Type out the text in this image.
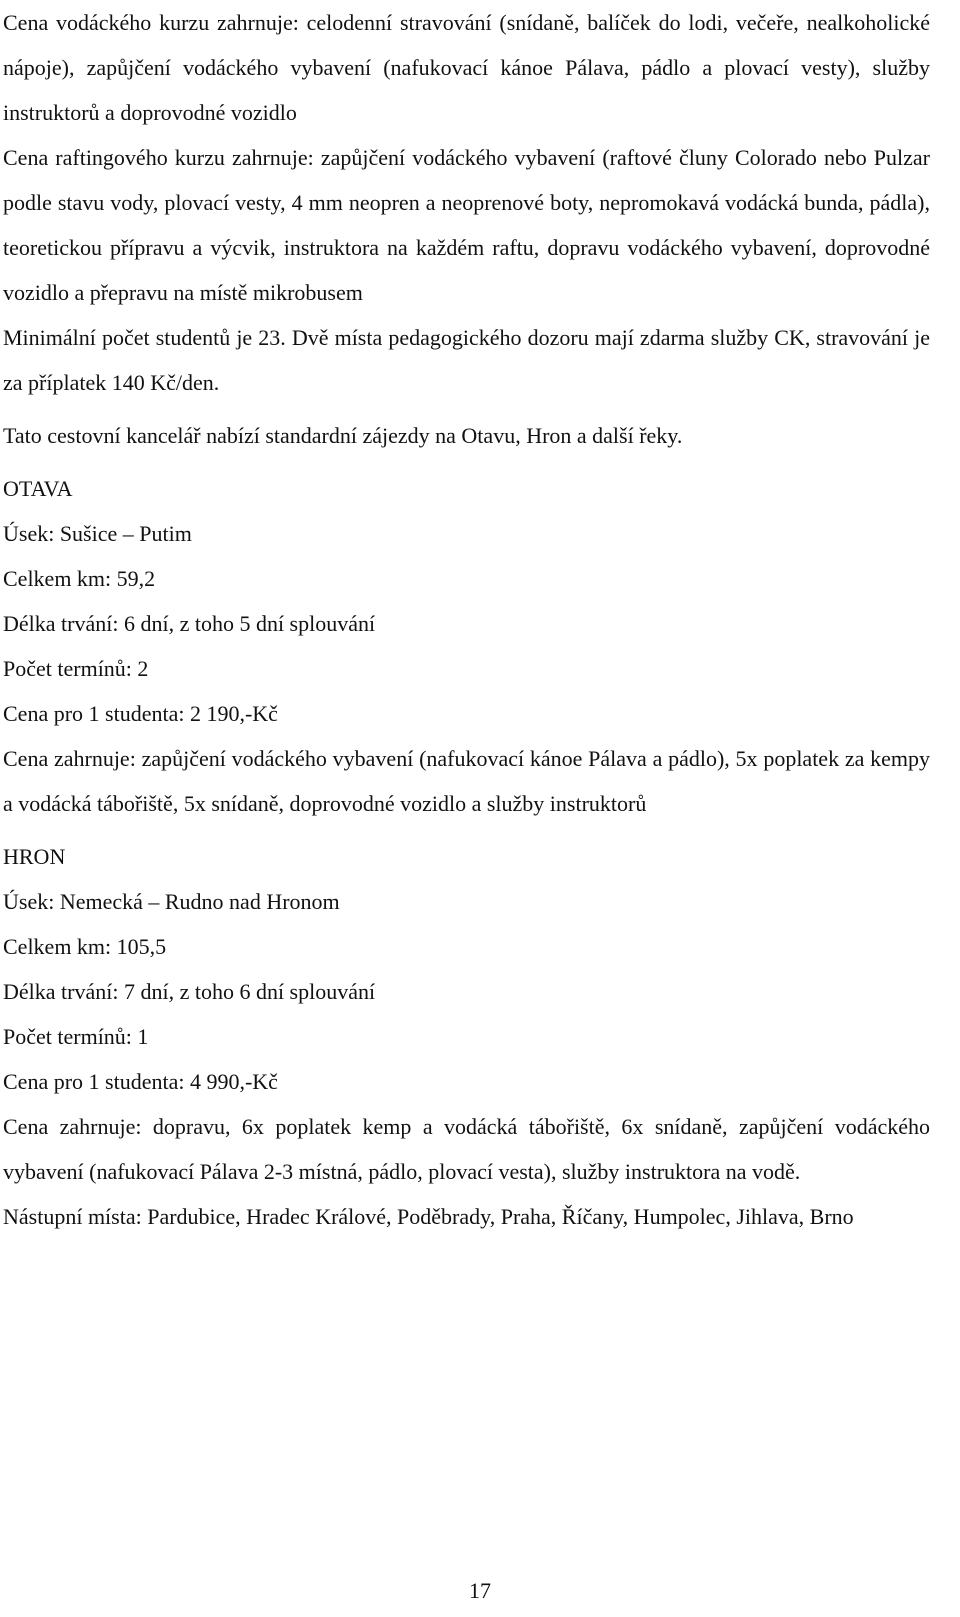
Cena vodáckého kurzu zahrnuje: celodenní stravování (snídaně, balíček do lodi, večeře, nealkoholické nápoje), zapůjčení vodáckého vybavení (nafukovací kánoe Pálava, pádlo a plovací vesty), služby instruktorů a doprovodné vozidlo

Cena raftingového kurzu zahrnuje: zapůjčení vodáckého vybavení (raftové čluny Colorado nebo Pulzar podle stavu vody, plovací vesty, 4 mm neopren a neoprenové boty, nepromokavá vodácká bunda, pádla), teoretickou přípravu a výcvik, instruktora na každém raftu, dopravu vodáckého vybavení, doprovodné vozidlo a přepravu na místě mikrobusem

Minimální počet studentů je 23. Dvě místa pedagogického dozoru mají zdarma služby CK, stravování je za příplatek 140 Kč/den.

Tato cestovní kancelář nabízí standardní zájezdy na Otavu, Hron a další řeky.

OTAVA
Úsek: Sušice – Putim
Celkem km: 59,2
Délka trvání: 6 dní, z toho 5 dní splouvání
Počet termínů: 2
Cena pro 1 studenta: 2 190,-Kč

Cena zahrnuje: zapůjčení vodáckého vybavení (nafukovací kánoe Pálava a pádlo), 5x poplatek za kempy a vodácká tábořiště, 5x snídaně, doprovodné vozidlo a služby instruktorů

HRON
Úsek: Nemecká – Rudno nad Hronom
Celkem km: 105,5
Délka trvání: 7 dní, z toho 6 dní splouvání
Počet termínů: 1
Cena pro 1 studenta: 4 990,-Kč

Cena zahrnuje: dopravu, 6x poplatek kemp a vodácká tábořiště, 6x snídaně, zapůjčení vodáckého vybavení (nafukovací Pálava 2-3 místná, pádlo, plovací vesta), služby instruktora na vodě.

Nástupní místa: Pardubice, Hradec Králové, Poděbrady, Praha, Říčany, Humpolec, Jihlava, Brno

17
